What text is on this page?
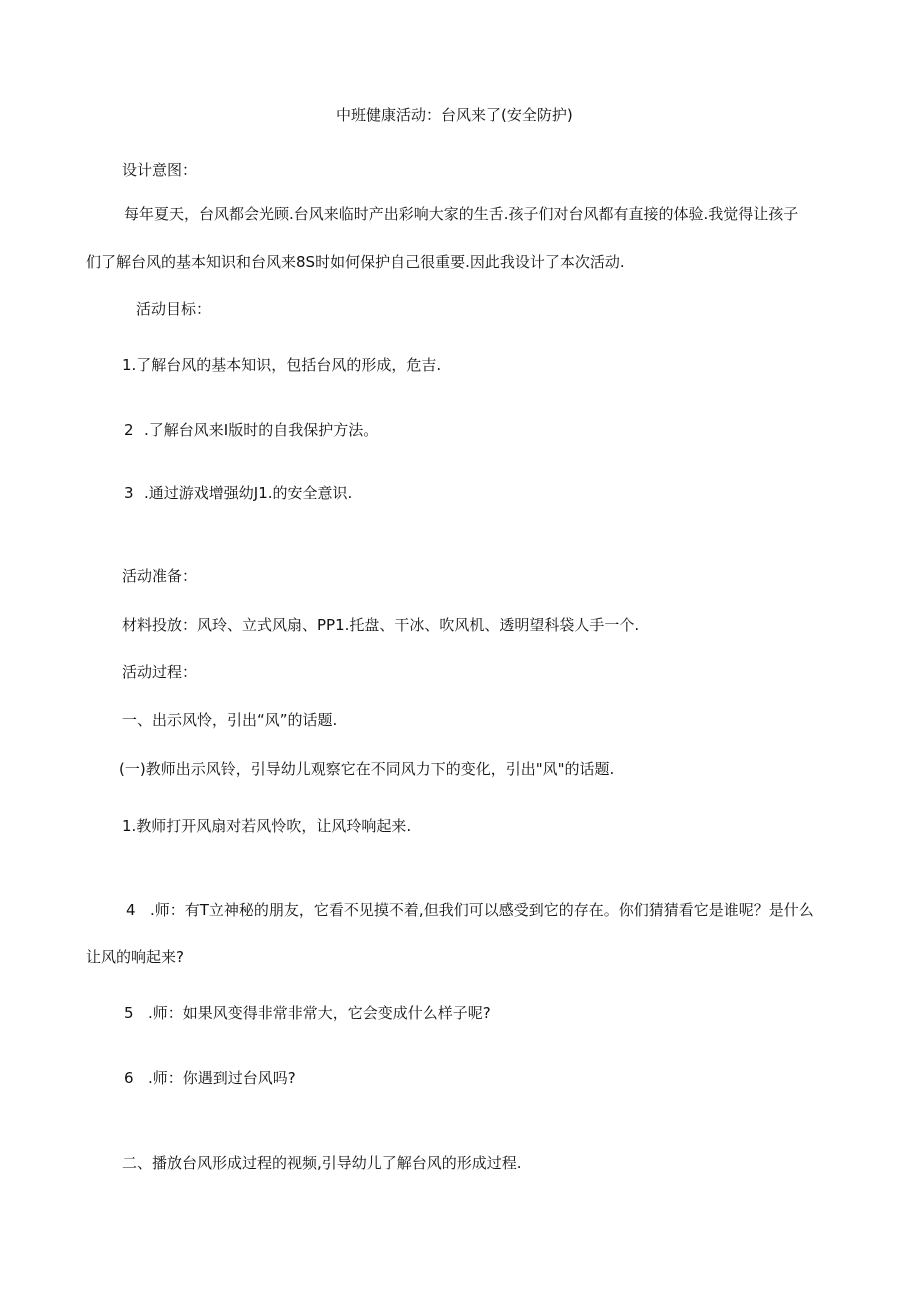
中班健康活动：台风来了(安全防护)
设计意图：
每年夏天，台风都会光顾.台风来临时产出彩响大家的生舌.孩子们对台风都有直接的体验.我觉得让孩子
们了解台风的基本知识和台风来8S时如何保护自己很重要.因此我设计了本次活动.
活动目标：
1.了解台风的基本知识，包括台风的形成，危吉.
2 .了解台风来I版时的自我保护方法。
3 .通过游戏增强幼J1.的安全意识.
活动准备：
材料投放：风玲、立式风扇、PP1.托盘、干冰、吹风机、透明望科袋人手一个.
活动过程：
一、出示风怜，引出“风”的话题.
(一)教师出示风铃，引导幼儿观察它在不同风力下的变化，引出"风"的话题.
1.教师打开风扇对若风怜吹，让风玲响起来.
4 .师：有T立神秘的朋友，它看不见摸不着,但我们可以感受到它的存在。你们猜猜看它是谁呢？是什么
让风的响起来?
5 .师：如果风变得非常非常大，它会变成什么样子呢?
6 .师：你遇到过台风吗?
二、播放台风形成过程的视频,引导幼儿了解台风的形成过程.
